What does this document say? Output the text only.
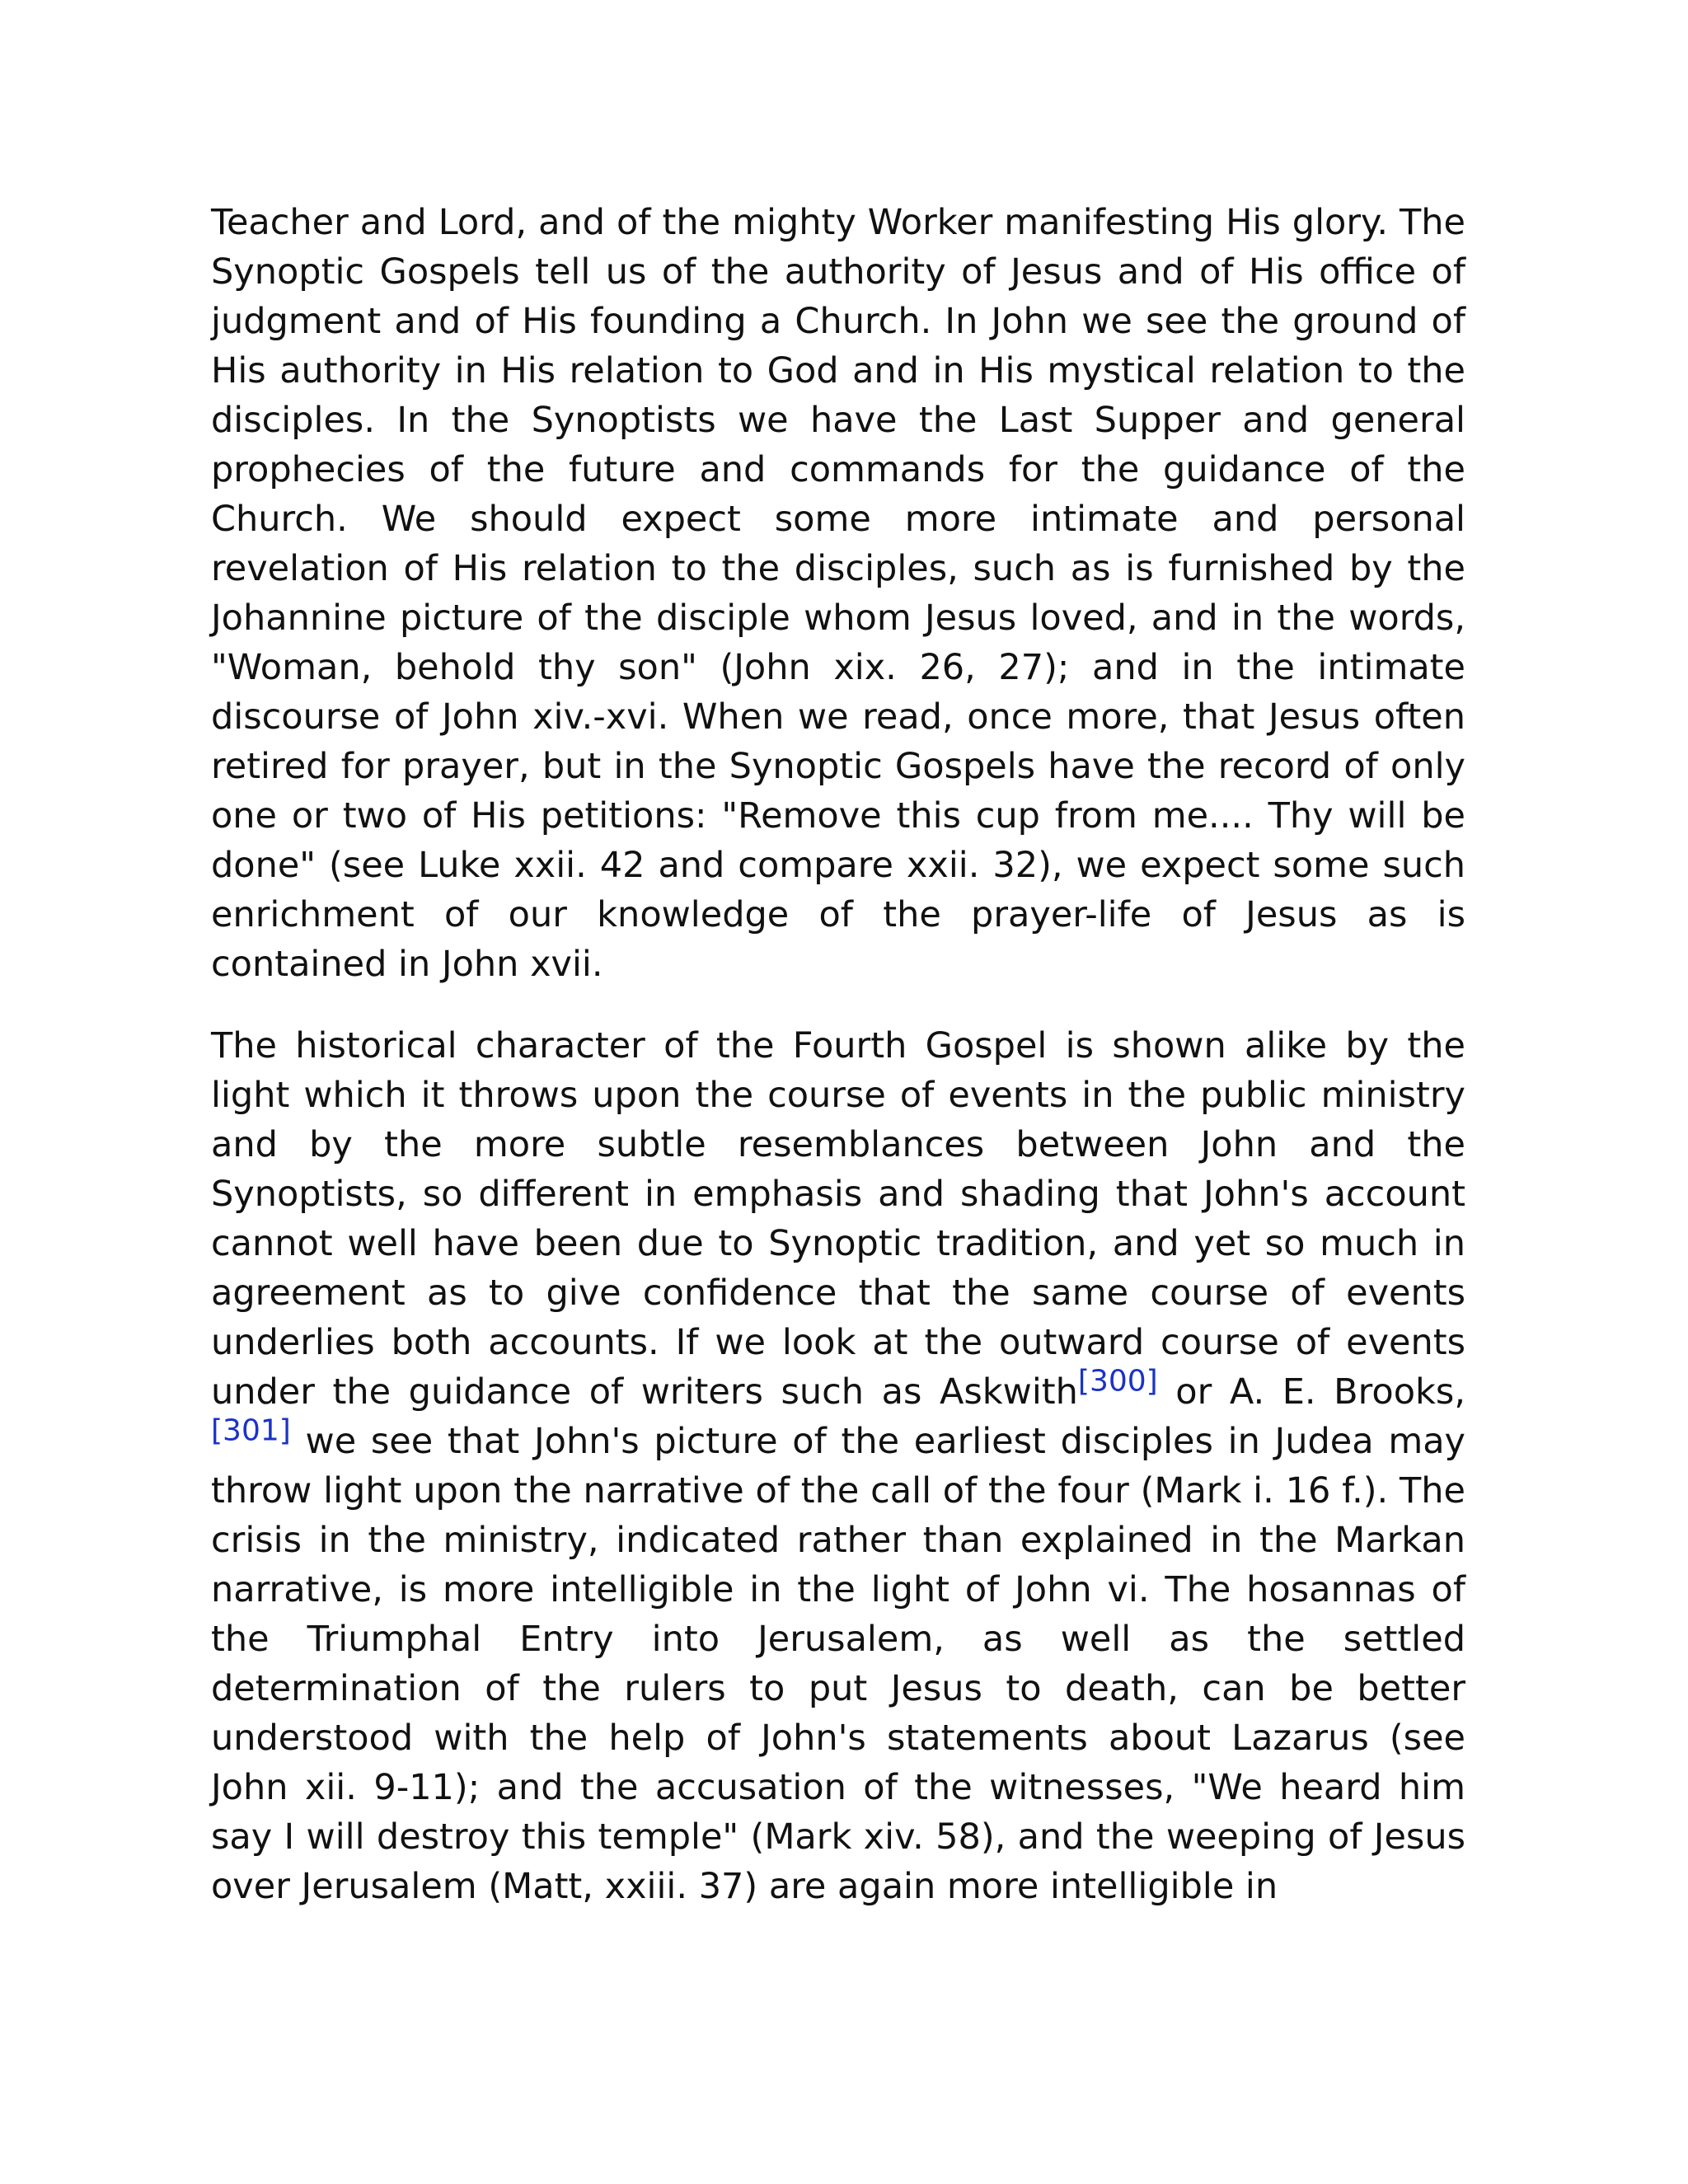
Teacher and Lord, and of the mighty Worker manifesting His glory. The Synoptic Gospels tell us of the authority of Jesus and of His office of judgment and of His founding a Church. In John we see the ground of His authority in His relation to God and in His mystical relation to the disciples. In the Synoptists we have the Last Supper and general prophecies of the future and commands for the guidance of the Church. We should expect some more intimate and personal revelation of His relation to the disciples, such as is furnished by the Johannine picture of the disciple whom Jesus loved, and in the words, "Woman, behold thy son" (John xix. 26, 27); and in the intimate discourse of John xiv.-xvi. When we read, once more, that Jesus often retired for prayer, but in the Synoptic Gospels have the record of only one or two of His petitions: "Remove this cup from me.... Thy will be done" (see Luke xxii. 42 and compare xxii. 32), we expect some such enrichment of our knowledge of the prayer-life of Jesus as is contained in John xvii.

The historical character of the Fourth Gospel is shown alike by the light which it throws upon the course of events in the public ministry and by the more subtle resemblances between John and the Synoptists, so different in emphasis and shading that John's account cannot well have been due to Synoptic tradition, and yet so much in agreement as to give confidence that the same course of events underlies both accounts. If we look at the outward course of events under the guidance of writers such as Askwith[300] or A. E. Brooks, [301] we see that John's picture of the earliest disciples in Judea may throw light upon the narrative of the call of the four (Mark i. 16 f.). The crisis in the ministry, indicated rather than explained in the Markan narrative, is more intelligible in the light of John vi. The hosannas of the Triumphal Entry into Jerusalem, as well as the settled determination of the rulers to put Jesus to death, can be better understood with the help of John's statements about Lazarus (see John xii. 9-11); and the accusation of the witnesses, "We heard him say I will destroy this temple" (Mark xiv. 58), and the weeping of Jesus over Jerusalem (Matt, xxiii. 37) are again more intelligible in
